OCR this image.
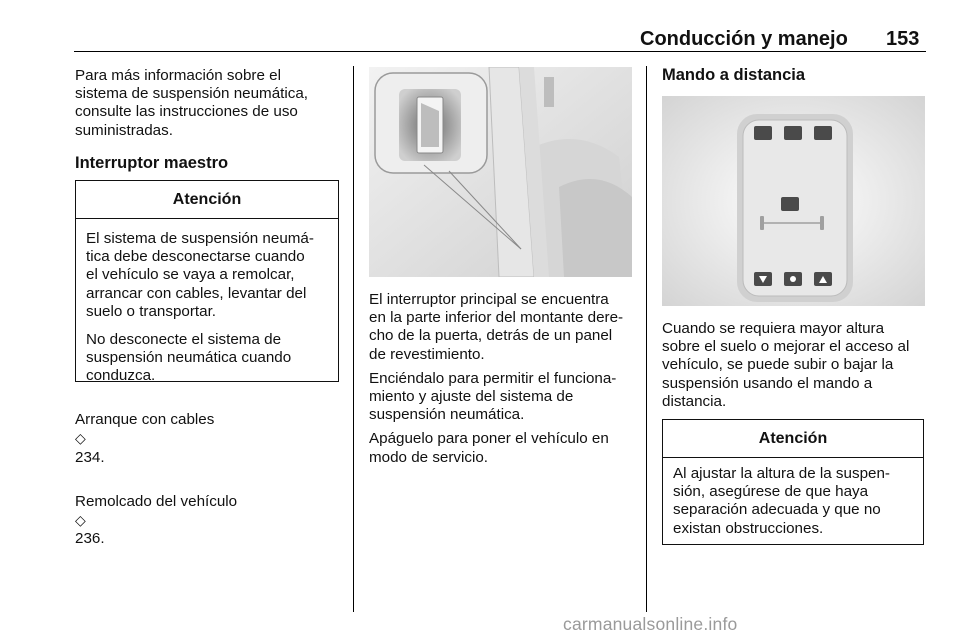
Conducción y manejo 153

Para más información sobre el
sistema de suspensión neumática,
consulte las instrucciones de uso
suministradas.

Interruptor maestro
Atención

El sistema de suspensión neumá-
tica debe desconectarse cuando
el vehículo se vaya a remolcar,
arrancar con cables, levantar del
suelo o transportar.

No desconecte el sistema de
suspensión neumática cuando
conduzca.

Arranque con cables
◇
234.

Remolcado del vehículo
◇
236.

El interruptor principal se encuentra
en la parte inferior del montante dere-
cho de la puerta, detrás de un panel
de revestimiento.

Enciéndalo para permitir el funciona-
miento y ajuste del sistema de
suspensión neumática.

Apáguelo para poner el vehículo en
modo de servicio.

Mando a distancia

Cuando se requiera mayor altura
sobre el suelo o mejorar el acceso al
vehículo, se puede subir o bajar la
suspensión usando el mando a
distancia.

Atención

Al ajustar la altura de la suspen-
sión, asegúrese de que haya
separación adecuada y que no
existan obstrucciones.

carmanualsonline.info
